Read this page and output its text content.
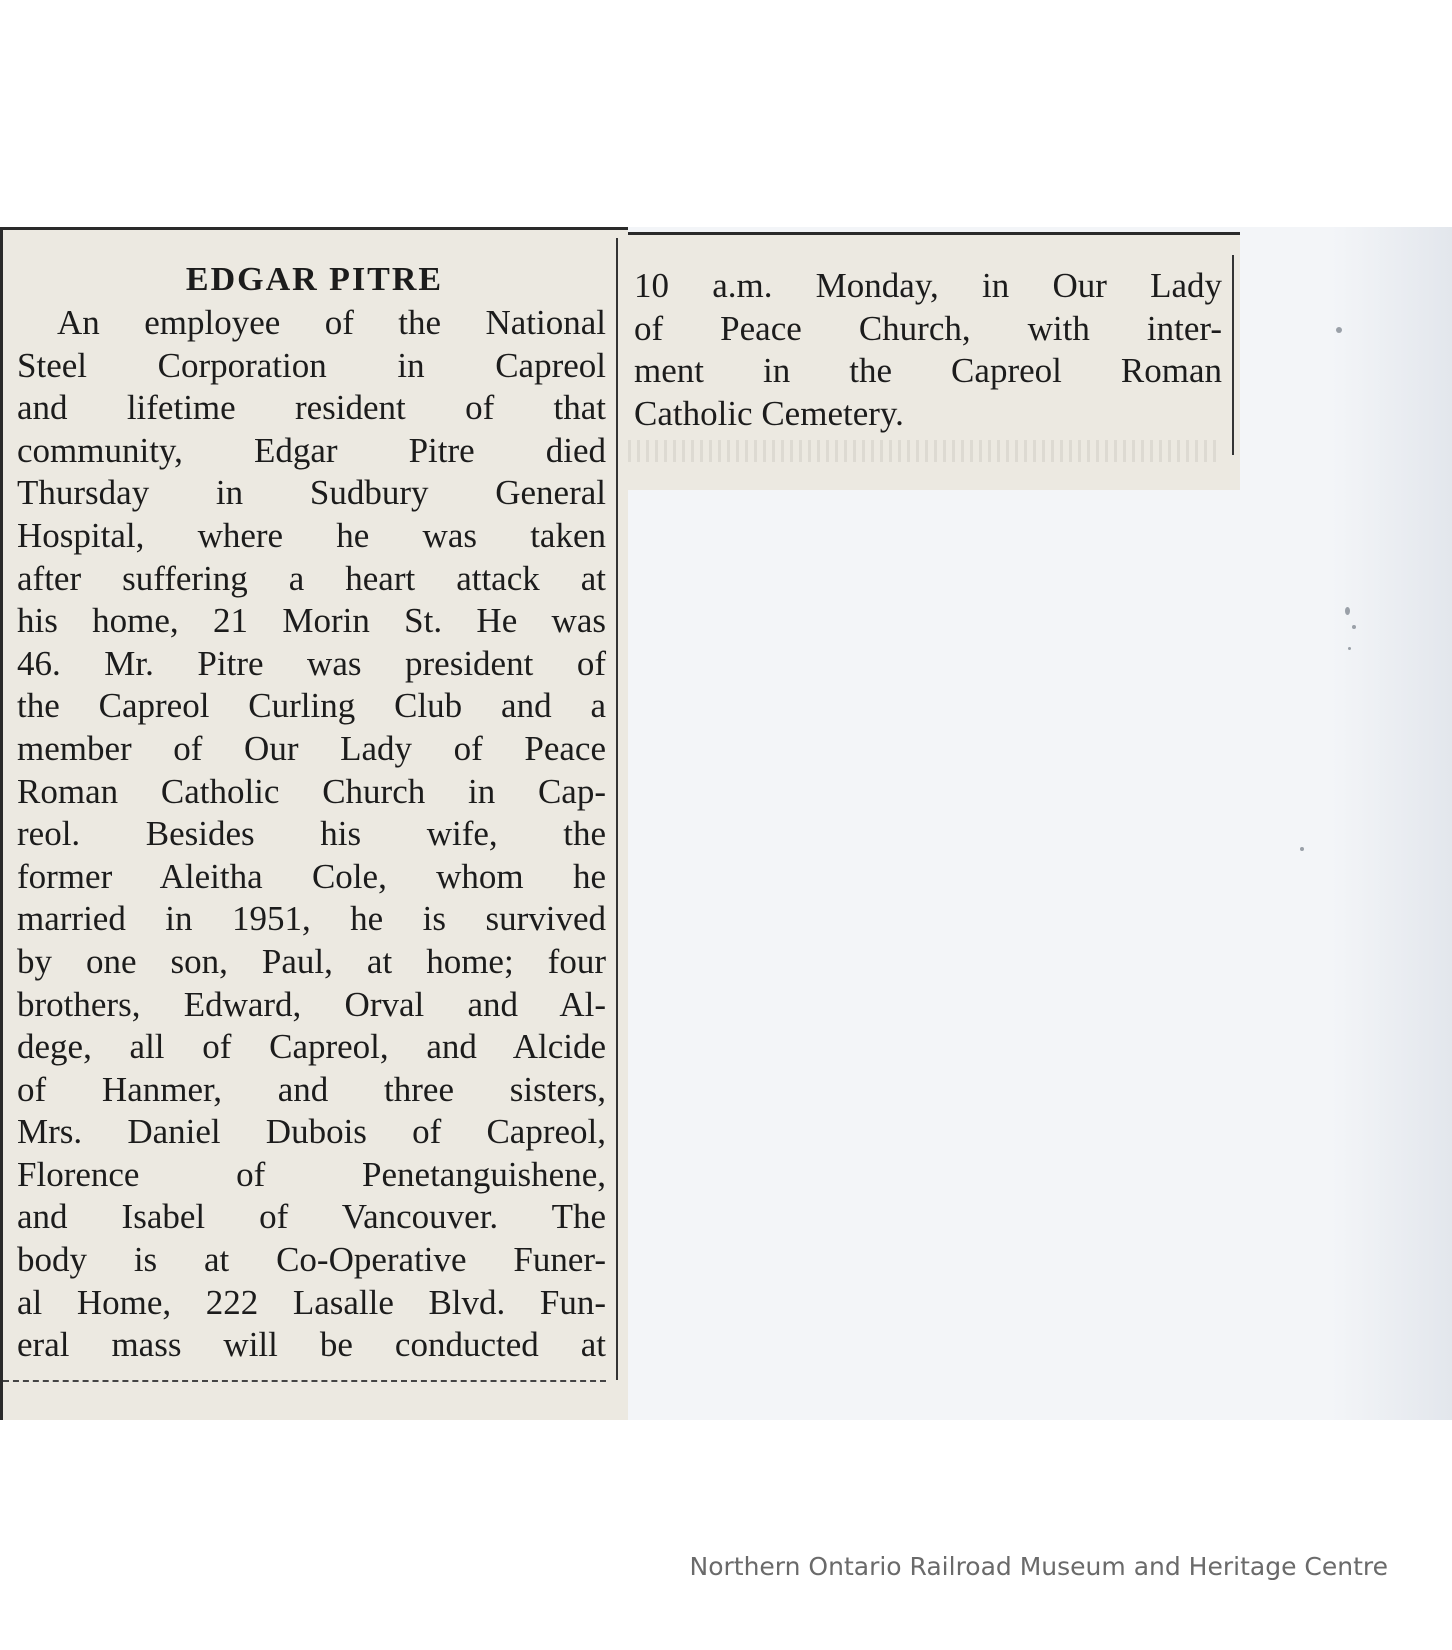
EDGAR PITRE

An employee of the National
Steel Corporation in Capreol
and lifetime resident of that
community, Edgar Pitre died
Thursday in Sudbury General
Hospital, where he was taken
after suffering a heart attack at
his home, 21 Morin St. He was
46. Mr. Pitre was president of
the Capreol Curling Club and a
member of Our Lady of Peace
Roman Catholic Church in Cap-
reol. Besides his wife, the
former Aleitha Cole, whom he
married in 1951, he is survived
by one son, Paul, at home; four
brothers, Edward, Orval and Al-
dege, all of Capreol, and Alcide
of Hanmer, and three sisters,
Mrs. Daniel Dubois of Capreol,
Florence of Penetanguishene,
and Isabel of Vancouver. The
body is at Co-Operative Funer-
al Home, 222 Lasalle Blvd. Fun-
eral mass will be conducted at

10 a.m. Monday, in Our Lady
of Peace Church, with inter-
ment in the Capreol Roman
Catholic Cemetery.

Northern Ontario Railroad Museum and Heritage Centre
